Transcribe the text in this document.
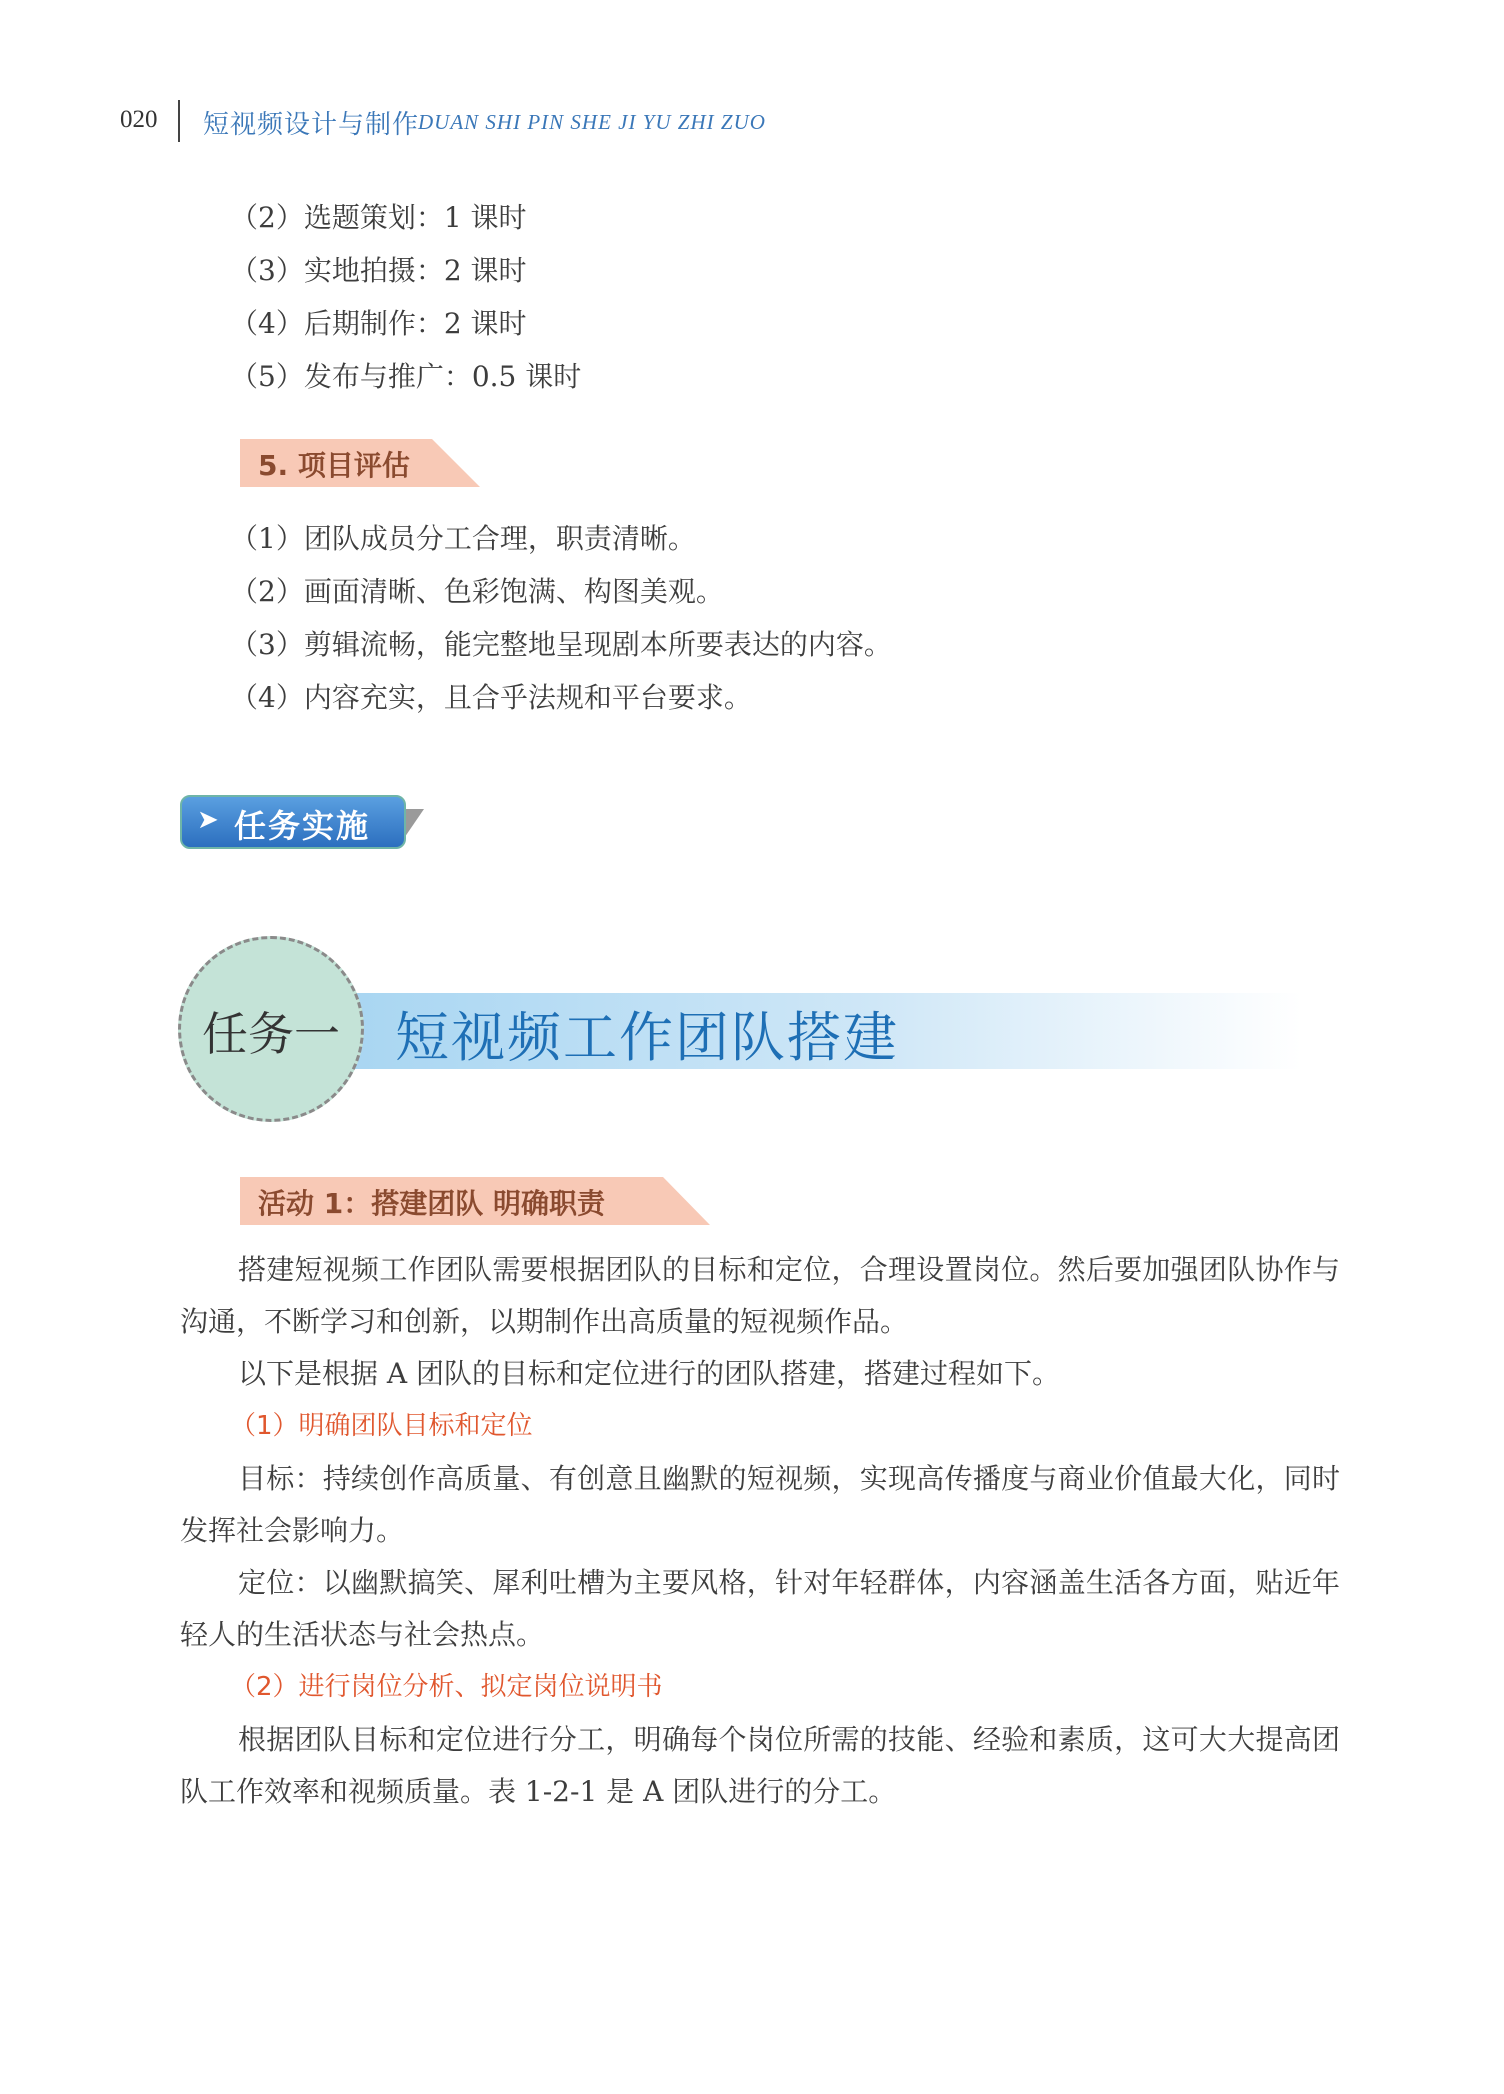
020 短视频设计与制作
DUAN SHI PIN SHE JI YU ZHI ZUO
（2）选题策划：1 课时
（3）实地拍摄：2 课时
（4）后期制作：2 课时
（5）发布与推广：0.5 课时
5. 项目评估
（1）团队成员分工合理，职责清晰。
（2）画面清晰、色彩饱满、构图美观。
（3）剪辑流畅，能完整地呈现剧本所要表达的内容。
（4）内容充实，且合乎法规和平台要求。
➤ 任务实施
任务一	短视频工作团队搭建
活动 1：搭建团队 明确职责
搭建短视频工作团队需要根据团队的目标和定位，合理设置岗位。然后要加强团队协作与沟通，不断学习和创新，以期制作出高质量的短视频作品。
以下是根据 A 团队的目标和定位进行的团队搭建，搭建过程如下。
（1）明确团队目标和定位
目标：持续创作高质量、有创意且幽默的短视频，实现高传播度与商业价值最大化，同时发挥社会影响力。
定位：以幽默搞笑、犀利吐槽为主要风格，针对年轻群体，内容涵盖生活各方面，贴近年轻人的生活状态与社会热点。
（2）进行岗位分析、拟定岗位说明书
根据团队目标和定位进行分工，明确每个岗位所需的技能、经验和素质，这可大大提高团队工作效率和视频质量。表 1-2-1 是 A 团队进行的分工。
